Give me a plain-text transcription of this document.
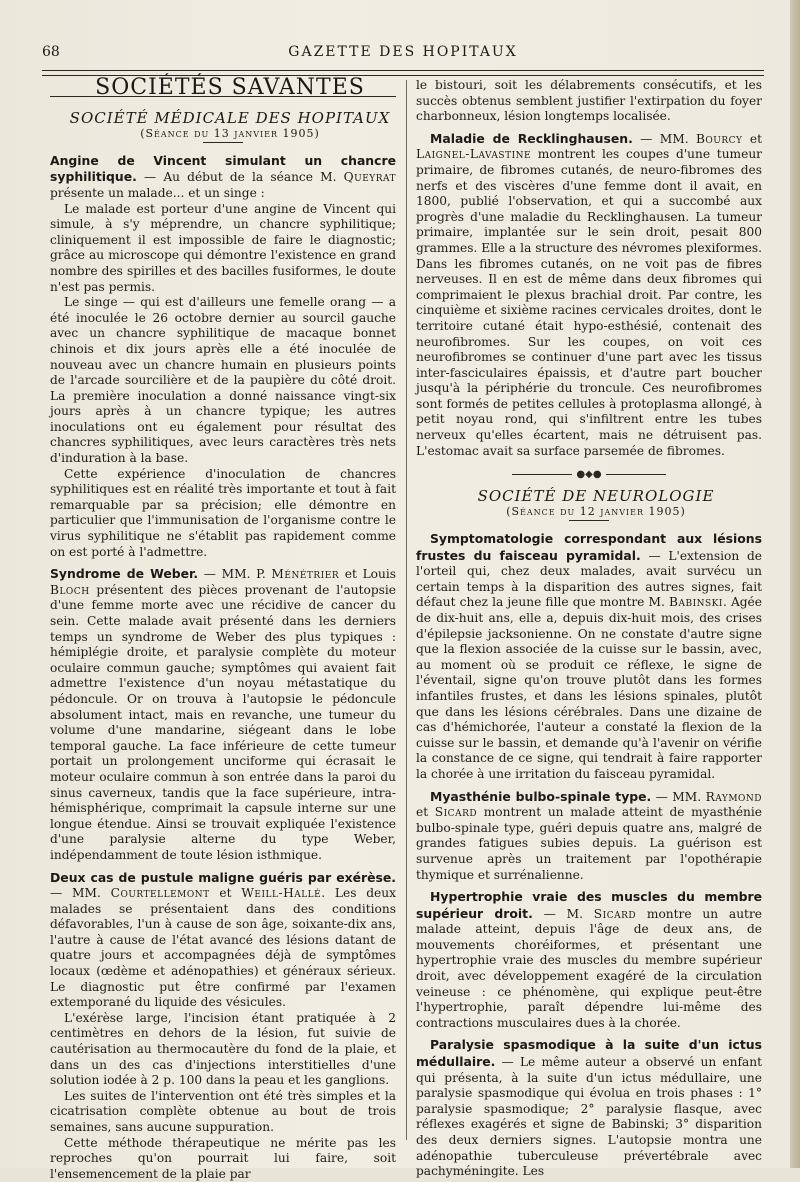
GAZETTE DES HOPITAUX
68

SOCIÉTÉS SAVANTES

SOCIÉTÉ MÉDICALE DES HOPITAUX

(Séance du 13 janvier 1905)

Angine de Vincent simulant un chancre syphilitique. — Au début de la séance M. Queyrat présente un malade... et un singe :

Le malade est porteur d'une angine de Vincent qui simule, à s'y méprendre, un chancre syphilitique; cliniquement il est impossible de faire le diagnostic; grâce au microscope qui démontre l'existence en grand nombre des spirilles et des bacilles fusiformes, le doute n'est pas permis.

Le singe — qui est d'ailleurs une femelle orang — a été inoculée le 26 octobre dernier au sourcil gauche avec un chancre syphilitique de macaque bonnet chinois et dix jours après elle a été inoculée de nouveau avec un chancre humain en plusieurs points de l'arcade sourcilière et de la paupière du côté droit. La première inoculation a donné naissance vingt-six jours après à un chancre typique; les autres inoculations ont eu également pour résultat des chancres syphilitiques, avec leurs caractères très nets d'induration à la base.

Cette expérience d'inoculation de chancres syphilitiques est en réalité très importante et tout à fait remarquable par sa précision; elle démontre en particulier que l'immunisation de l'organisme contre le virus syphilitique ne s'établit pas rapidement comme on est porté à l'admettre.

Syndrome de Weber. — MM. P. Ménétrier et Louis Bloch présentent des pièces provenant de l'autopsie d'une femme morte avec une récidive de cancer du sein. Cette malade avait présenté dans les derniers temps un syndrome de Weber des plus typiques : hémiplégie droite, et paralysie complète du moteur oculaire commun gauche; symptômes qui avaient fait admettre l'existence d'un noyau métastatique du pédoncule. Or on trouva à l'autopsie le pédoncule absolument intact, mais en revanche, une tumeur du volume d'une mandarine, siégeant dans le lobe temporal gauche. La face inférieure de cette tumeur portait un prolongement unciforme qui écrasait le moteur oculaire commun à son entrée dans la paroi du sinus caverneux, tandis que la face supérieure, intra-hémisphérique, comprimait la capsule interne sur une longue étendue. Ainsi se trouvait expliquée l'existence d'une paralysie alterne du type Weber, indépendamment de toute lésion isthmique.

Deux cas de pustule maligne guéris par exérèse. — MM. Courtellemont et Weill-Hallé. Les deux malades se présentaient dans des conditions défavorables, l'un à cause de son âge, soixante-dix ans, l'autre à cause de l'état avancé des lésions datant de quatre jours et accompagnées déjà de symptômes locaux (œdème et adénopathies) et généraux sérieux. Le diagnostic put être confirmé par l'examen extemporané du liquide des vésicules.

L'exérèse large, l'incision étant pratiquée à 2 centimètres en dehors de la lésion, fut suivie de cautérisation au thermocautère du fond de la plaie, et dans un des cas d'injections interstitielles d'une solution iodée à 2 p. 100 dans la peau et les ganglions.

Les suites de l'intervention ont été très simples et la cicatrisation complète obtenue au bout de trois semaines, sans aucune suppuration.

Cette méthode thérapeutique ne mérite pas les reproches qu'on pourrait lui faire, soit l'ensemencement de la plaie par

le bistouri, soit les délabrements consécutifs, et les succès obtenus semblent justifier l'extirpation du foyer charbonneux, lésion longtemps localisée.

Maladie de Recklinghausen. — MM. Bourcy et Laignel-Lavastine montrent les coupes d'une tumeur primaire, de fibromes cutanés, de neuro-fibromes des nerfs et des viscères d'une femme dont il avait, en 1800, publié l'observation, et qui a succombé aux progrès d'une maladie du Recklinghausen. La tumeur primaire, implantée sur le sein droit, pesait 800 grammes. Elle a la structure des névromes plexiformes. Dans les fibromes cutanés, on ne voit pas de fibres nerveuses. Il en est de même dans deux fibromes qui comprimaient le plexus brachial droit. Par contre, les cinquième et sixième racines cervicales droites, dont le territoire cutané était hypo-esthésié, contenait des neurofibromes. Sur les coupes, on voit ces neurofibromes se continuer d'une part avec les tissus inter-fasciculaires épaissis, et d'autre part boucher jusqu'à la périphérie du troncule. Ces neurofibromes sont formés de petites cellules à protoplasma allongé, à petit noyau rond, qui s'infiltrent entre les tubes nerveux qu'elles écartent, mais ne détruisent pas. L'estomac avait sa surface parsemée de fibromes.

●◆●

SOCIÉTÉ DE NEUROLOGIE

(Séance du 12 janvier 1905)

Symptomatologie correspondant aux lésions frustes du faisceau pyramidal. — L'extension de l'orteil qui, chez deux malades, avait survécu un certain temps à la disparition des autres signes, fait défaut chez la jeune fille que montre M. Babinski. Agée de dix-huit ans, elle a, depuis dix-huit mois, des crises d'épilepsie jacksonienne. On ne constate d'autre signe que la flexion associée de la cuisse sur le bassin, avec, au moment où se produit ce réflexe, le signe de l'éventail, signe qu'on trouve plutôt dans les formes infantiles frustes, et dans les lésions spinales, plutôt que dans les lésions cérébrales. Dans une dizaine de cas d'hémichorée, l'auteur a constaté la flexion de la cuisse sur le bassin, et demande qu'à l'avenir on vérifie la constance de ce signe, qui tendrait à faire rapporter la chorée à une irritation du faisceau pyramidal.

Myasthénie bulbo-spinale type. — MM. Raymond et Sicard montrent un malade atteint de myasthénie bulbo-spinale type, guéri depuis quatre ans, malgré de grandes fatigues subies depuis. La guérison est survenue après un traitement par l'opothérapie thymique et surrénalienne.

Hypertrophie vraie des muscles du membre supérieur droit. — M. Sicard montre un autre malade atteint, depuis l'âge de deux ans, de mouvements choréiformes, et présentant une hypertrophie vraie des muscles du membre supérieur droit, avec développement exagéré de la circulation veineuse : ce phénomène, qui explique peut-être l'hypertrophie, paraît dépendre lui-même des contractions musculaires dues à la chorée.

Paralysie spasmodique à la suite d'un ictus médullaire. — Le même auteur a observé un enfant qui présenta, à la suite d'un ictus médullaire, une paralysie spasmodique qui évolua en trois phases : 1° paralysie spasmodique; 2° paralysie flasque, avec réflexes exagérés et signe de Babinski; 3° disparition des deux derniers signes. L'autopsie montra une adénopathie tuberculeuse prévertébrale avec pachyméningite. Les
